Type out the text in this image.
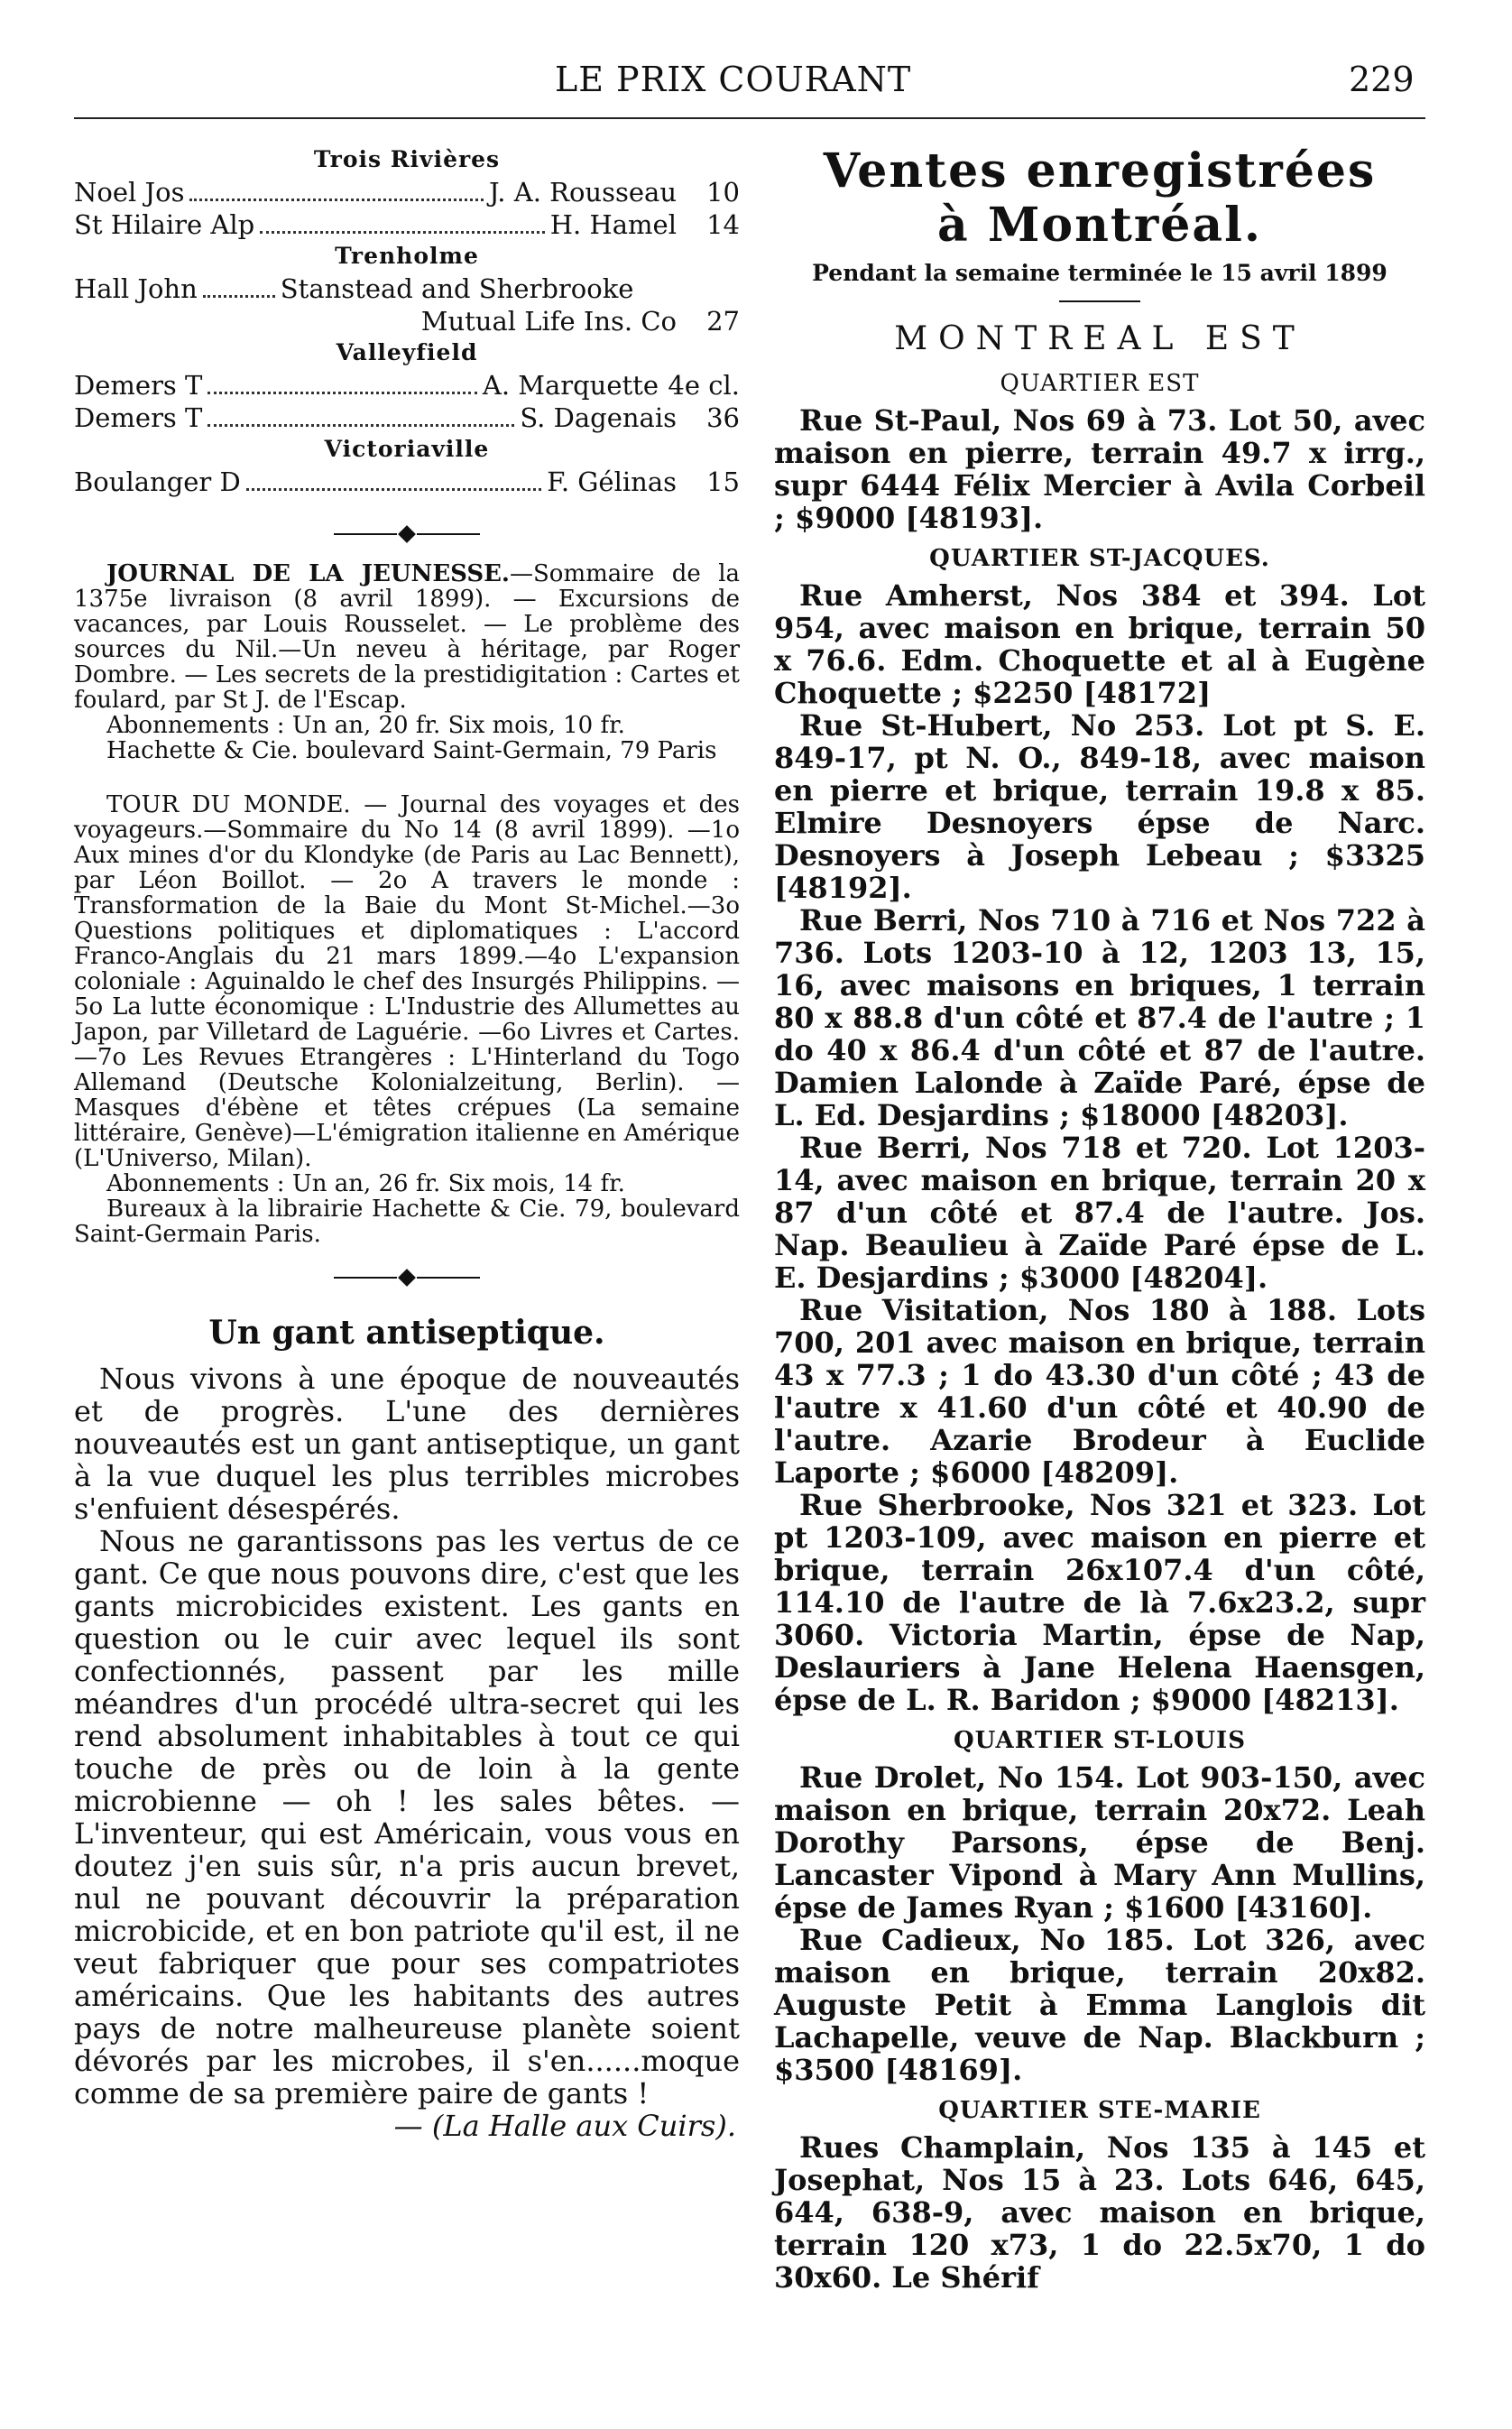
LE PRIX COURANT	229
Trois Rivières
Noel Jos	J. A. Rousseau	10
St Hilaire Alp	H. Hamel	14
Trenholme
Hall John	Stanstead and Sherbrooke
Mutual Life Ins. Co	27
Valleyfield
Demers T	A. Marquette 4e cl.
Demers T	S. Dagenais	36
Victoriaville
Boulanger D	F. Gélinas	15

JOURNAL DE LA JEUNESSE.—Sommaire de la 1375e livraison (8 avril 1899). — Excursions de vacances, par Louis Rousselet. — Le problème des sources du Nil.—Un neveu à héritage, par Roger Dombre. — Les secrets de la prestidigitation : Cartes et foulard, par St J. de l'Escap.

Abonnements : Un an, 20 fr. Six mois, 10 fr.

Hachette & Cie. boulevard Saint-Germain, 79 Paris

TOUR DU MONDE. — Journal des voyages et des voyageurs.—Sommaire du No 14 (8 avril 1899). —1o Aux mines d'or du Klondyke (de Paris au Lac Bennett), par Léon Boillot. — 2o A travers le monde : Transformation de la Baie du Mont St-Michel.—3o Questions politiques et diplomatiques : L'accord Franco-Anglais du 21 mars 1899.—4o L'expansion coloniale : Aguinaldo le chef des Insurgés Philippins. — 5o La lutte économique : L'Industrie des Allumettes au Japon, par Villetard de Laguérie. —6o Livres et Cartes.—7o Les Revues Etrangères : L'Hinterland du Togo Allemand (Deutsche Kolonialzeitung, Berlin). — Masques d'ébène et têtes crépues (La semaine littéraire, Genève)—L'émigration italienne en Amérique (L'Universo, Milan).

Abonnements : Un an, 26 fr. Six mois, 14 fr.

Bureaux à la librairie Hachette & Cie. 79, boulevard Saint-Germain Paris.

Un gant antiseptique.

Nous vivons à une époque de nouveautés et de progrès. L'une des dernières nouveautés est un gant antiseptique, un gant à la vue duquel les plus terribles microbes s'enfuient désespérés.

Nous ne garantissons pas les vertus de ce gant. Ce que nous pouvons dire, c'est que les gants microbicides existent. Les gants en question ou le cuir avec lequel ils sont confectionnés, passent par les mille méandres d'un procédé ultra-secret qui les rend absolument inhabitables à tout ce qui touche de près ou de loin à la gente microbienne — oh ! les sales bêtes. — L'inventeur, qui est Américain, vous vous en doutez j'en suis sûr, n'a pris aucun brevet, nul ne pouvant découvrir la préparation microbicide, et en bon patriote qu'il est, il ne veut fabriquer que pour ses compatriotes américains. Que les habitants des autres pays de notre malheureuse planète soient dévorés par les microbes, il s'en......moque comme de sa première paire de gants !

— (La Halle aux Cuirs).

Ventes enregistrées
à Montréal.
Pendant la semaine terminée le 15 avril 1899
MONTREAL EST
QUARTIER EST

Rue St-Paul, Nos 69 à 73. Lot 50, avec maison en pierre, terrain 49.7 x irrg., supr 6444 Félix Mercier à Avila Corbeil ; $9000 [48193].

QUARTIER ST-JACQUES.

Rue Amherst, Nos 384 et 394. Lot 954, avec maison en brique, terrain 50 x 76.6. Edm. Choquette et al à Eugène Choquette ; $2250 [48172]

Rue St-Hubert, No 253. Lot pt S. E. 849-17, pt N. O., 849-18, avec maison en pierre et brique, terrain 19.8 x 85. Elmire Desnoyers épse de Narc. Desnoyers à Joseph Lebeau ; $3325 [48192].

Rue Berri, Nos 710 à 716 et Nos 722 à 736. Lots 1203-10 à 12, 1203 13, 15, 16, avec maisons en briques, 1 terrain 80 x 88.8 d'un côté et 87.4 de l'autre ; 1 do 40 x 86.4 d'un côté et 87 de l'autre. Damien Lalonde à Zaïde Paré, épse de L. Ed. Desjardins ; $18000 [48203].

Rue Berri, Nos 718 et 720. Lot 1203-14, avec maison en brique, terrain 20 x 87 d'un côté et 87.4 de l'autre. Jos. Nap. Beaulieu à Zaïde Paré épse de L. E. Desjardins ; $3000 [48204].

Rue Visitation, Nos 180 à 188. Lots 700, 201 avec maison en brique, terrain 43 x 77.3 ; 1 do 43.30 d'un côté ; 43 de l'autre x 41.60 d'un côté et 40.90 de l'autre. Azarie Brodeur à Euclide Laporte ; $6000 [48209].

Rue Sherbrooke, Nos 321 et 323. Lot pt 1203-109, avec maison en pierre et brique, terrain 26x107.4 d'un côté, 114.10 de l'autre de là 7.6x23.2, supr 3060. Victoria Martin, épse de Nap, Deslauriers à Jane Helena Haensgen, épse de L. R. Baridon ; $9000 [48213].

QUARTIER ST-LOUIS

Rue Drolet, No 154. Lot 903-150, avec maison en brique, terrain 20x72. Leah Dorothy Parsons, épse de Benj. Lancaster Vipond à Mary Ann Mullins, épse de James Ryan ; $1600 [43160].

Rue Cadieux, No 185. Lot 326, avec maison en brique, terrain 20x82. Auguste Petit à Emma Langlois dit Lachapelle, veuve de Nap. Blackburn ; $3500 [48169].

QUARTIER STE-MARIE

Rues Champlain, Nos 135 à 145 et Josephat, Nos 15 à 23. Lots 646, 645, 644, 638-9, avec maison en brique, terrain 120 x73, 1 do 22.5x70, 1 do 30x60. Le Shérif
